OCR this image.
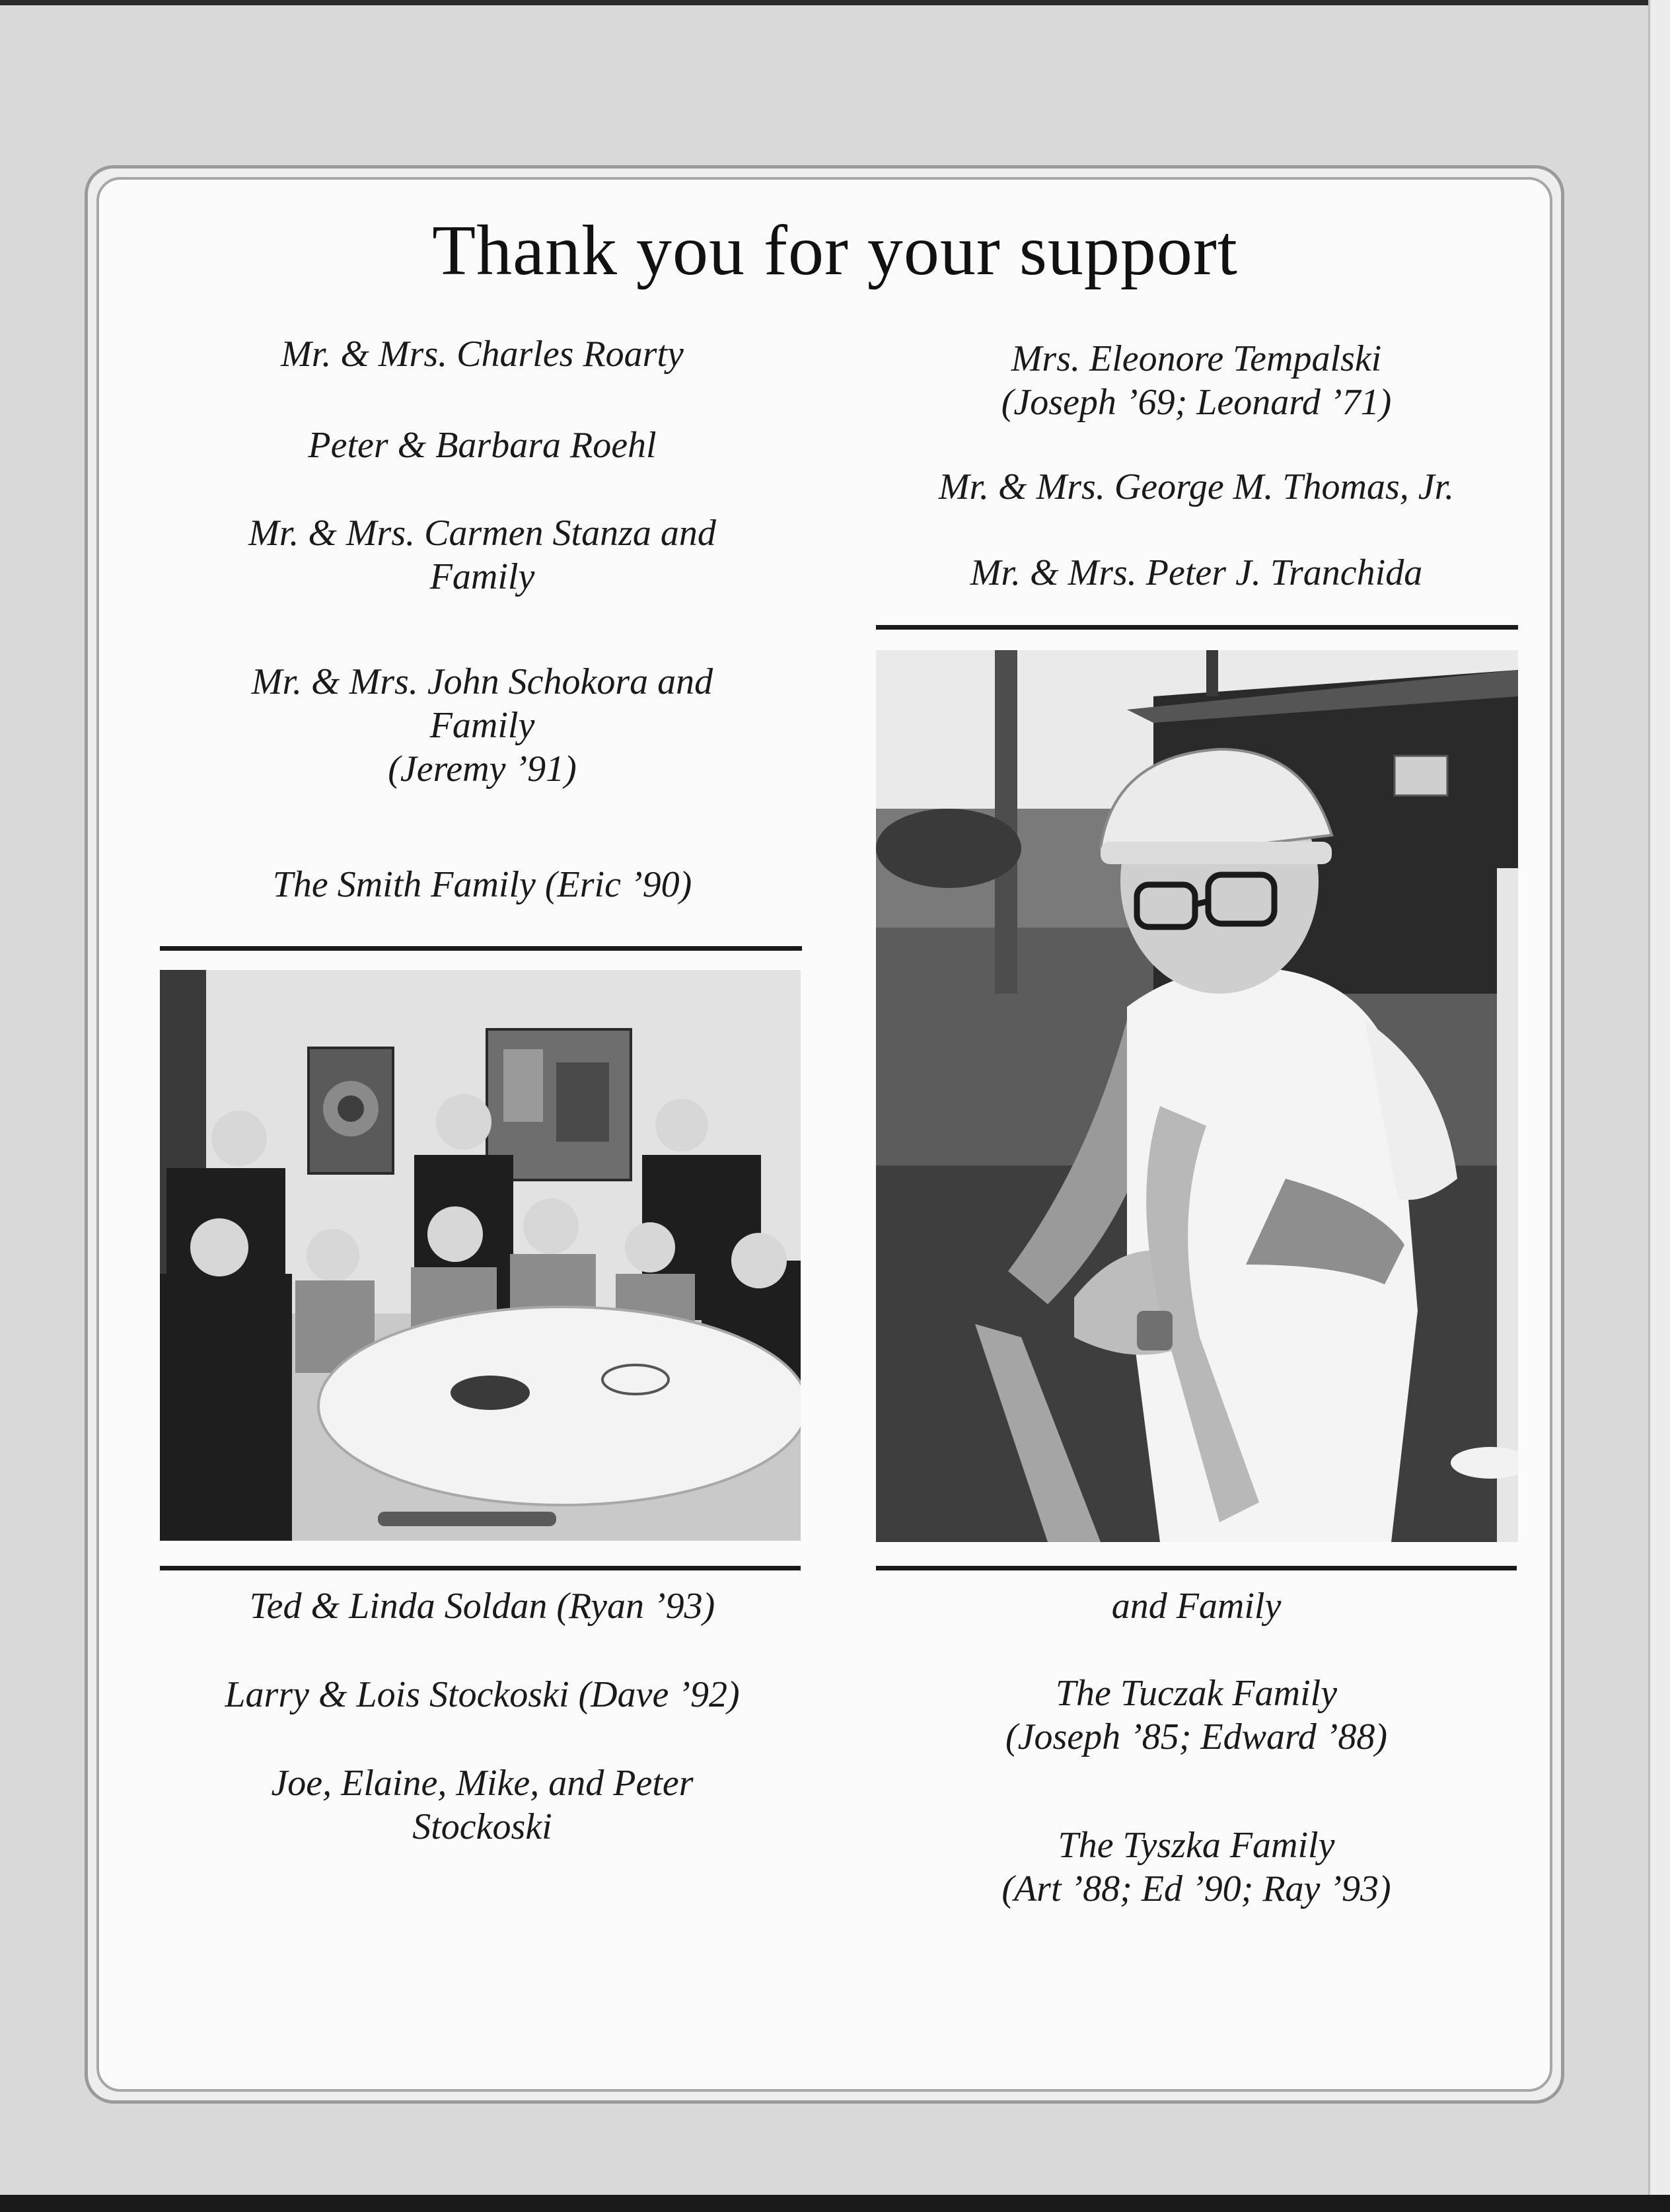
Thank you for your support
Mr. & Mrs. Charles Roarty
Peter & Barbara Roehl
Mr. & Mrs. Carmen Stanza and
Family
Mr. & Mrs. John Schokora and
Family
(Jeremy ’91)
The Smith Family (Eric ’90)
Ted & Linda Soldan (Ryan ’93)
Larry & Lois Stockoski (Dave ’92)
Joe, Elaine, Mike, and Peter
Stockoski
Mrs. Eleonore Tempalski
(Joseph ’69; Leonard ’71)
Mr. & Mrs. George M. Thomas, Jr.
Mr. & Mrs. Peter J. Tranchida
and Family
The Tuczak Family
(Joseph ’85; Edward ’88)
The Tyszka Family
(Art ’88; Ed ’90; Ray ’93)
